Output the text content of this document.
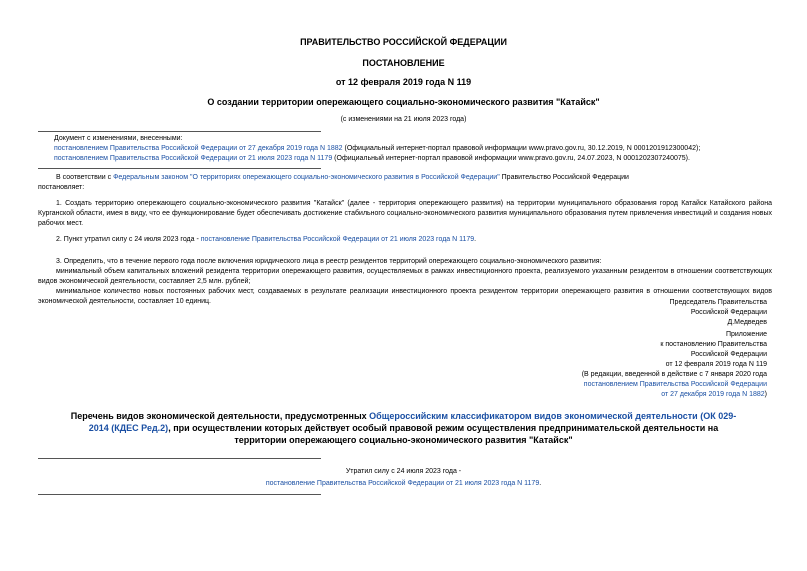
ПРАВИТЕЛЬСТВО РОССИЙСКОЙ ФЕДЕРАЦИИ
ПОСТАНОВЛЕНИЕ
от 12 февраля 2019 года N 119
О создании территории опережающего социально-экономического развития "Катайск"
(с изменениями на 21 июля 2023 года)

Документ с изменениями, внесенными:

постановлением Правительства Российской Федерации от 27 декабря 2019 года N 1882 (Официальный интернет-портал правовой информации www.pravo.gov.ru, 30.12.2019, N 0001201912300042);

постановлением Правительства Российской Федерации от 21 июля 2023 года N 1179 (Официальный интернет-портал правовой информации www.pravo.gov.ru, 24.07.2023, N 0001202307240075).

В соответствии с Федеральным законом "О территориях опережающего социально-экономического развития в Российской Федерации" Правительство Российской Федерации

постановляет:

1. Создать территорию опережающего социально-экономического развития "Катайск" (далее - территория опережающего развития) на территории муниципального образования город Катайск Катайского района Курганской области, имея в виду, что ее функционирование будет обеспечивать достижение стабильного социально-экономического развития муниципального образования путем привлечения инвестиций и создания новых рабочих мест.

2. Пункт утратил силу с 24 июля 2023 года - постановление Правительства Российской Федерации от 21 июля 2023 года N 1179.

3. Определить, что в течение первого года после включения юридического лица в реестр резидентов территорий опережающего социально-экономического развития:

минимальный объем капитальных вложений резидента территории опережающего развития, осуществляемых в рамках инвестиционного проекта, реализуемого указанным резидентом в отношении соответствующих видов экономической деятельности, составляет 2,5 млн. рублей;

минимальное количество новых постоянных рабочих мест, создаваемых в результате реализации инвестиционного проекта резидентом территории опережающего развития в отношении соответствующих видов экономической деятельности, составляет 10 единиц.	Председатель Правительства

Российской Федерации

Д.Медведев

Приложение

к постановлению Правительства

Российской Федерации

от 12 февраля 2019 года N 119

(В редакции, введенной в действие с 7 января 2020 года

постановлением Правительства Российской Федерации

от 27 декабря 2019 года N 1882)

Перечень видов экономической деятельности, предусмотренных Общероссийским классификатором видов экономической деятельности (ОК 029-2014 (КДЕС Ред.2), при осуществлении которых действует особый правовой режим осуществления предпринимательской деятельности на территории опережающего социально-экономического развития "Катайск"
Утратил силу с 24 июля 2023 года -
постановление Правительства Российской Федерации от 21 июля 2023 года N 1179.
